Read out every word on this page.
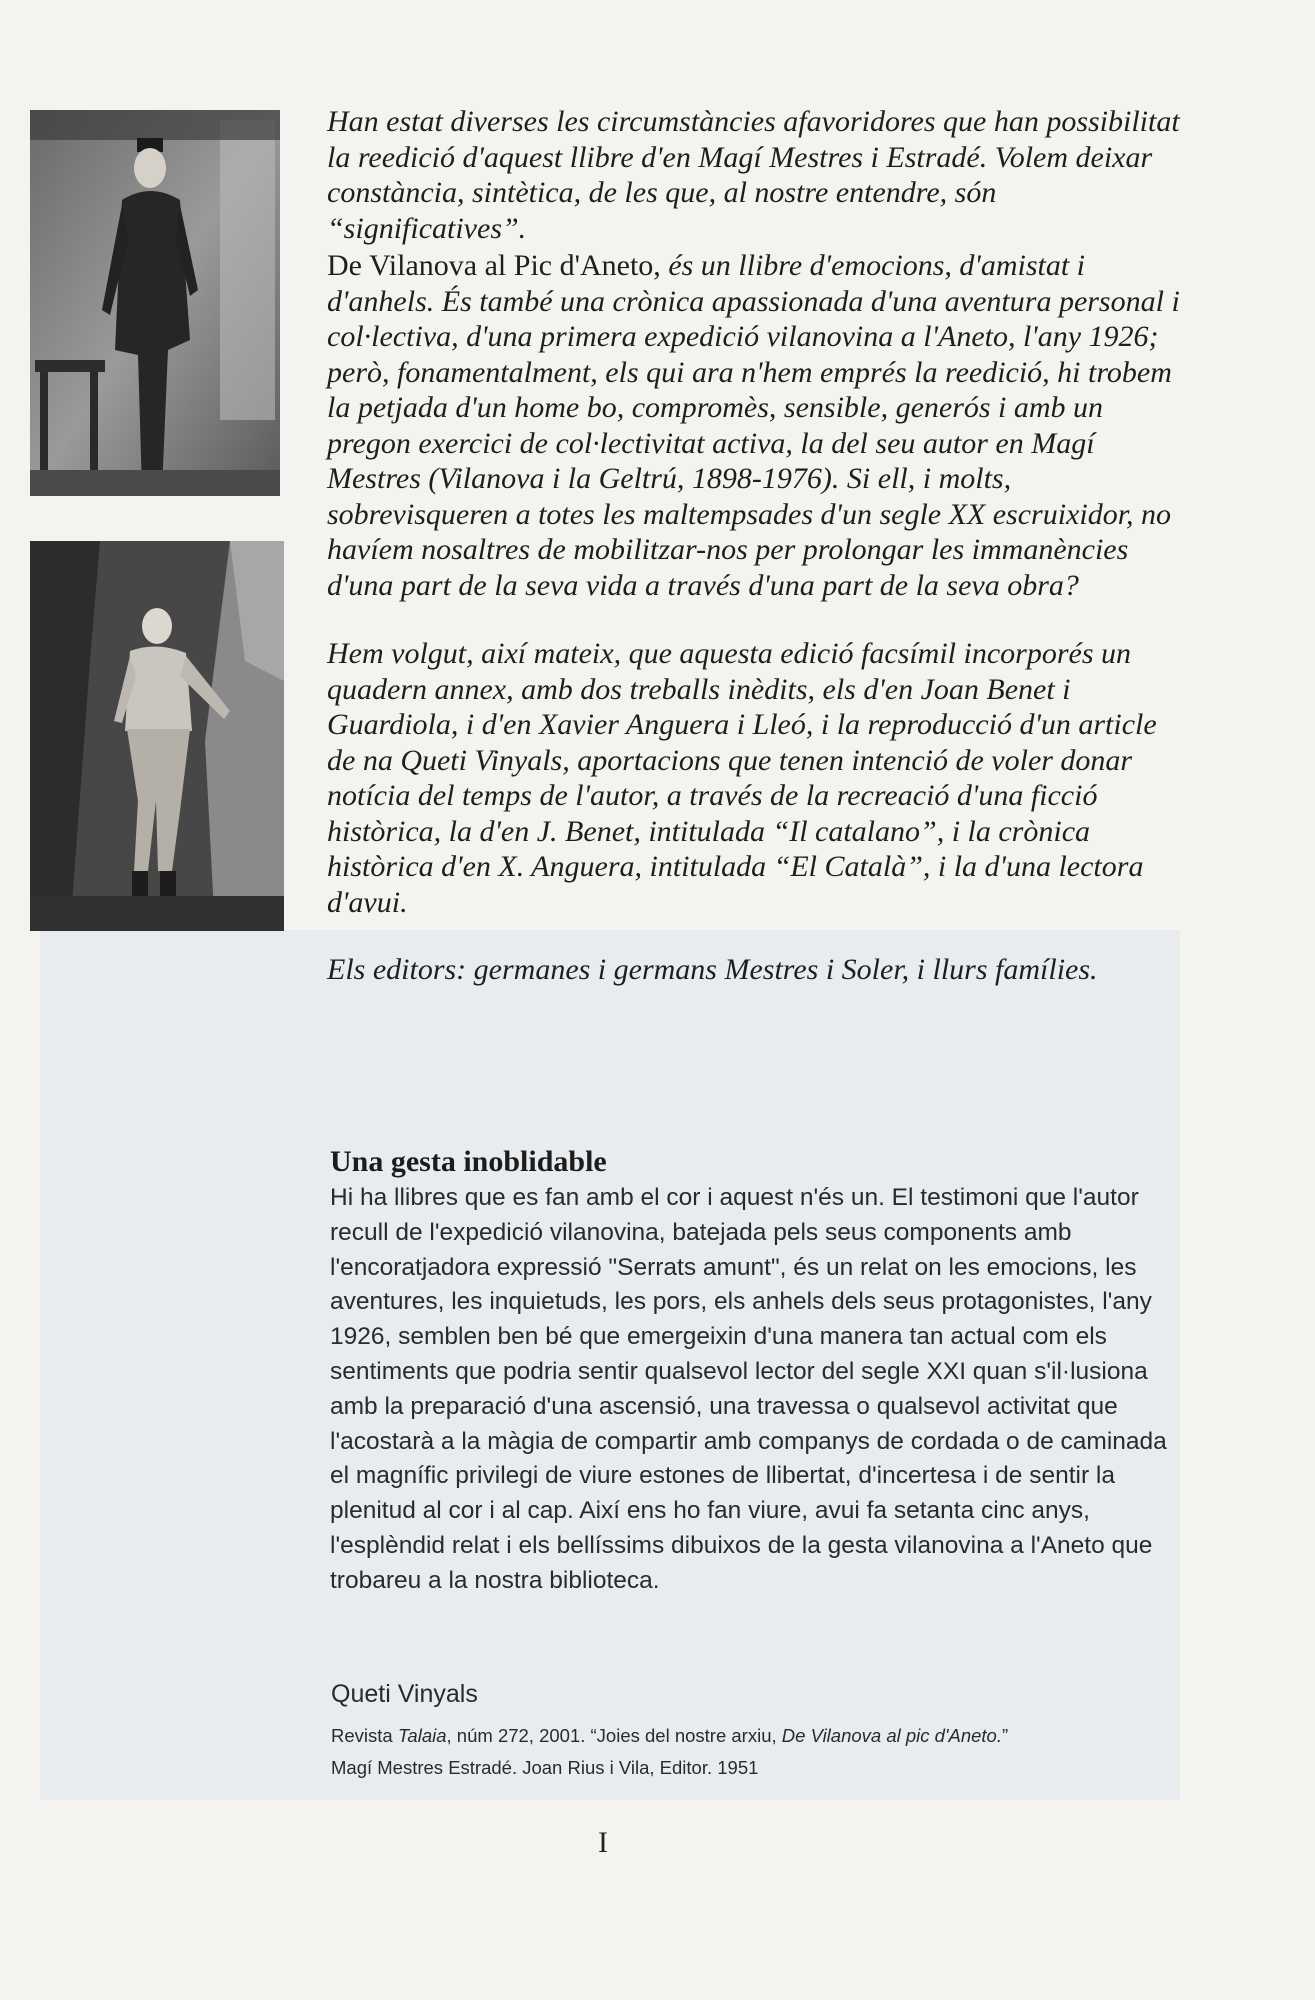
Han estat diverses les circumstàncies afavoridores que han possibilitat la reedició d'aquest llibre d'en Magí Mestres i Estradé. Volem deixar constància, sintètica, de les que, al nostre entendre, són “significatives”.

De Vilanova al Pic d'Aneto, és un llibre d'emocions, d'amistat i d'anhels. És també una crònica apassionada d'una aventura personal i col·lectiva, d'una primera expedició vilanovina a l'Aneto, l'any 1926; però, fonamentalment, els qui ara n'hem emprés la reedició, hi trobem la petjada d'un home bo, compromès, sensible, generós i amb un pregon exercici de col·lectivitat activa, la del seu autor en Magí Mestres (Vilanova i la Geltrú, 1898-1976). Si ell, i molts, sobrevisqueren a totes les maltempsades d'un segle XX escruixidor, no havíem nosaltres de mobilitzar-nos per prolongar les immanències d'una part de la seva vida a través d'una part de la seva obra?

Hem volgut, així mateix, que aquesta edició facsímil incorporés un quadern annex, amb dos treballs inèdits, els d'en Joan Benet i Guardiola, i d'en Xavier Anguera i Lleó, i la reproducció d'un article de na Queti Vinyals, aportacions que tenen intenció de voler donar notícia del temps de l'autor, a través de la recreació d'una ficció històrica, la d'en J. Benet, intitulada “Il catalano”, i la crònica històrica d'en X. Anguera, intitulada “El Català”, i la d'una lectora d'avui.

Els editors: germanes i germans Mestres i Soler, i llurs famílies.

Una gesta inoblidable

Hi ha llibres que es fan amb el cor i aquest n'és un. El testimoni que l'autor recull de l'expedició vilanovina, batejada pels seus components amb l'encoratjadora expressió "Serrats amunt", és un relat on les emocions, les aventures, les inquietuds, les pors, els anhels dels seus protagonistes, l'any 1926, semblen ben bé que emergeixin d'una manera tan actual com els sentiments que podria sentir qualsevol lector del segle XXI quan s'il·lusiona amb la preparació d'una ascensió, una travessa o qualsevol activitat que l'acostarà a la màgia de compartir amb companys de cordada o de caminada el magnífic privilegi de viure estones de llibertat, d'incertesa i de sentir la plenitud al cor i al cap. Així ens ho fan viure, avui fa setanta cinc anys, l'esplèndid relat i els bellíssims dibuixos de la gesta vilanovina a l'Aneto que trobareu a la nostra biblioteca.

Queti Vinyals

Revista Talaia, núm 272, 2001. “Joies del nostre arxiu, De Vilanova al pic d'Aneto.”
Magí Mestres Estradé. Joan Rius i Vila, Editor. 1951

I
